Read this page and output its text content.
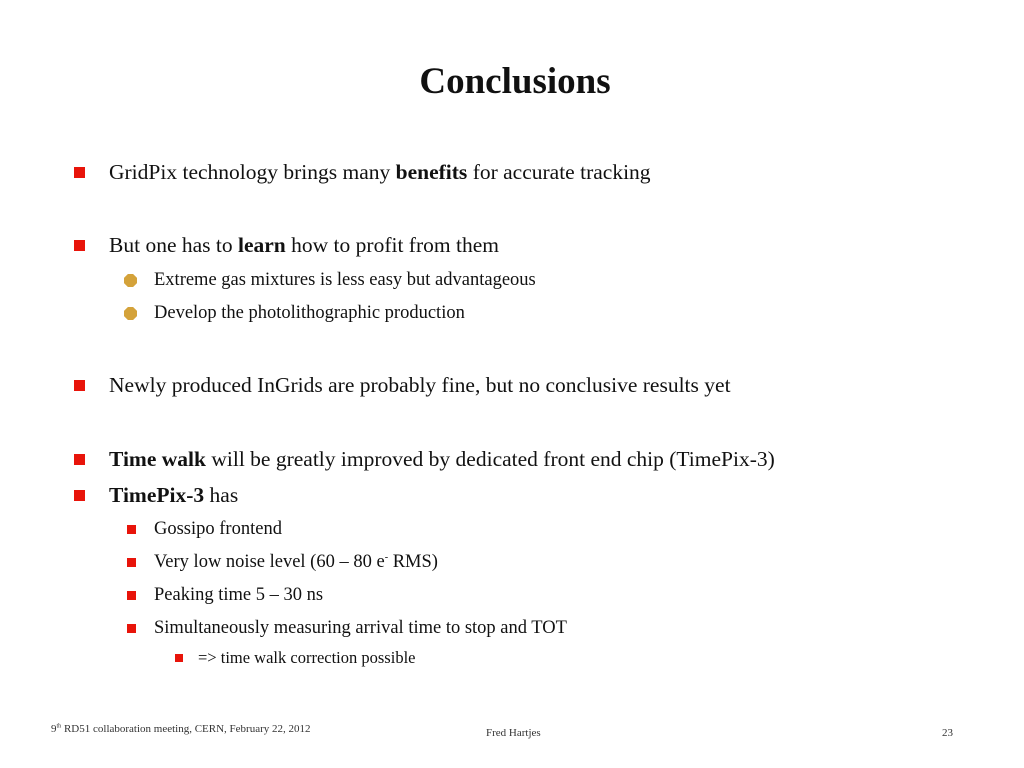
Conclusions
GridPix technology brings many benefits for accurate tracking
But one has to learn how to profit from them
Extreme gas mixtures is less easy but advantageous
Develop the photolithographic production
Newly produced InGrids are probably fine, but no conclusive results yet
Time walk will be greatly improved by dedicated front end chip (TimePix-3)
TimePix-3 has
Gossipo frontend
Very low noise level (60 – 80 e- RMS)
Peaking time 5 – 30 ns
Simultaneously measuring arrival time to stop and TOT
=> time walk correction possible
9th RD51 collaboration meeting, CERN, February 22, 2012	Fred Hartjes	23
